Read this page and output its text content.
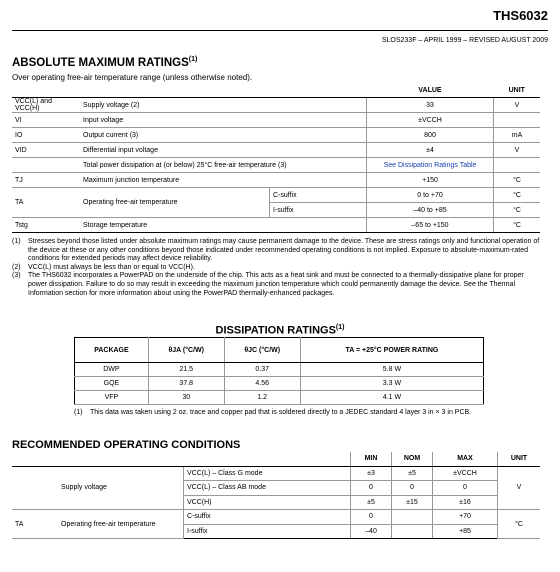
THS6032
SLOS233F – APRIL 1999 – REVISED AUGUST 2009
ABSOLUTE MAXIMUM RATINGS$^{(1)}$
Over operating free-air temperature range (unless otherwise noted).
			VALUE	UNIT
VCC(L) and VCC(H)	Supply voltage (2)		33	V
VI	Input voltage		±VCCH	
IO	Output current (3)		800	mA
VID	Differential input voltage		±4	V
	Total power dissipation at (or below) 25°C free-air temperature (3)		See Dissipation Ratings Table	
TJ	Maximum junction temperature		+150	°C
TA	Operating free-air temperature	C-suffix	0 to +70	°C
		I-suffix	–40 to +85	°C
Tstg	Storage temperature		–65 to +150	°C
(1)	Stresses beyond those listed under absolute maximum ratings may cause permanent damage to the device. These are stress ratings only and functional operation of the device at these or any other conditions beyond those indicated under recommended operating conditions is not implied. Exposure to absolute-maximum-rated conditions for extended periods may affect device reliability.
(2)	VCC(L) must always be less than or equal to VCC(H).
(3)	The THS6032 incorporates a PowerPAD on the underside of the chip. This acts as a heat sink and must be connected to a thermally-dissipative plane for proper power dissipation. Failure to do so may result in exceeding the maximum junction temperature which could permanently damage the device. See the Thermal Information section for more information about using the PowerPAD thermally-enhanced packages.
DISSIPATION RATINGS$^{(1)}$
PACKAGE	θJA (°C/W)	θJC (°C/W)	TA = +25°C POWER RATING
DWP	21.5	0.37	5.8 W
GQE	37.8	4.56	3.3 W
VFP	30	1.2	4.1 W
(1)	This data was taken using 2 oz. trace and copper pad that is soldered directly to a JEDEC standard 4 layer 3 in × 3 in PCB.
RECOMMENDED OPERATING CONDITIONS
			MIN	NOM	MAX	UNIT
	Supply voltage	VCC(L) – Class G mode	±3	±5	±VCCH	V
		VCC(L) – Class AB mode	0	0	0	
		VCC(H)	±5	±15	±16	
TA	Operating free-air temperature	C-suffix	0		+70	°C
		I-suffix	–40		+85	
